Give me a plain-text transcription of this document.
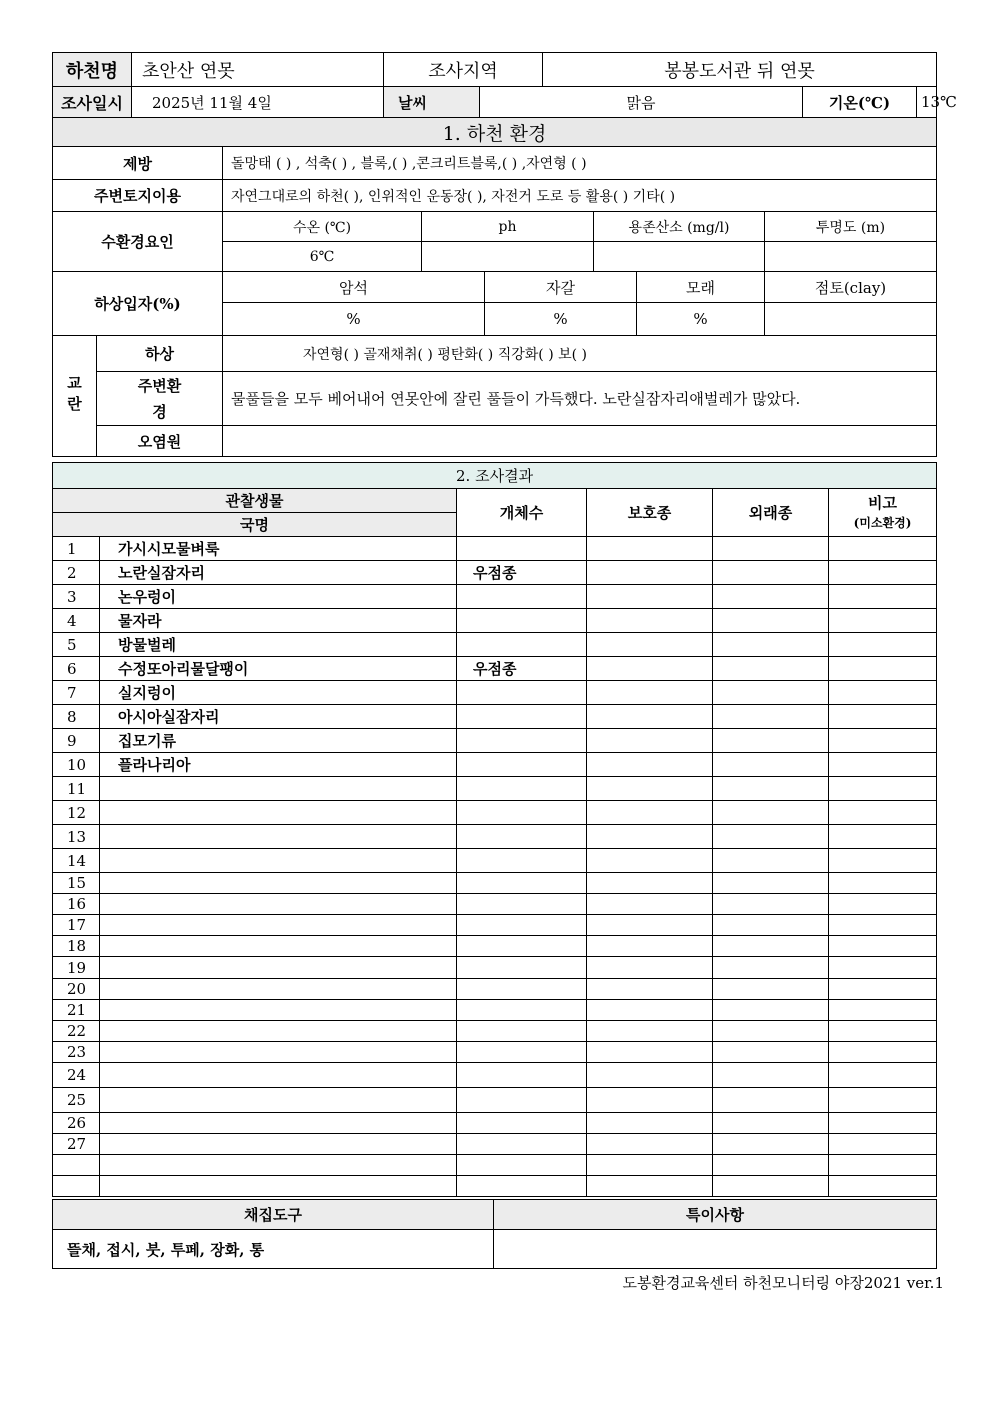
하천명	초안산 연못	조사지역		봉봉도서관 뒤 연못		
조사일시	2025년 11월 4일	날씨	맑음		기온(℃)	13℃
1. 하천 환경							
제방		돌망태 ( ) , 석축( ) , 블록,( ) ,콘크리트블록,( ) ,자연형 ( )					
주변토지이용		자연그대로의 하천( ), 인위적인 운동장( ), 자전거 도로 등 활용( ) 기타( )					
수환경요인		수온 (℃)	ph		용존산소 (mg/l)		투명도 (m)
		6℃					
하상입자(%)		암석		자갈		모래	점토(clay)
		%		%		%	
교란	하상	자연형( ) 골재채취( ) 평탄화( ) 직강화( ) 보( )					
	주변환경	물풀들을 모두 베어내어 연못안에 잘린 풀들이 가득했다. 노란실잠자리애벌레가 많았다.					
	오염원						
2. 조사결과					
관찰생물		개체수	보호종	외래종	비고
(미소환경)

국명					
1	가시시모물벼룩				
2	노란실잠자리	우점종			
3	논우렁이				
4	물자라				
5	방물벌레				
6	수정또아리물달팽이	우점종			
7	실지렁이				
8	아시아실잠자리				
9	집모기류				
10	플라나리아				
11					
12					
13					
14					
15					
16					
17					
18					
19					
20					
21					
22					
23					
24					
25					
26					
27					

채집도구	특이사항
뜰채, 접시, 붓, 투페, 장화, 통	
도봉환경교육센터 하천모니터링 야장2021 ver.1
